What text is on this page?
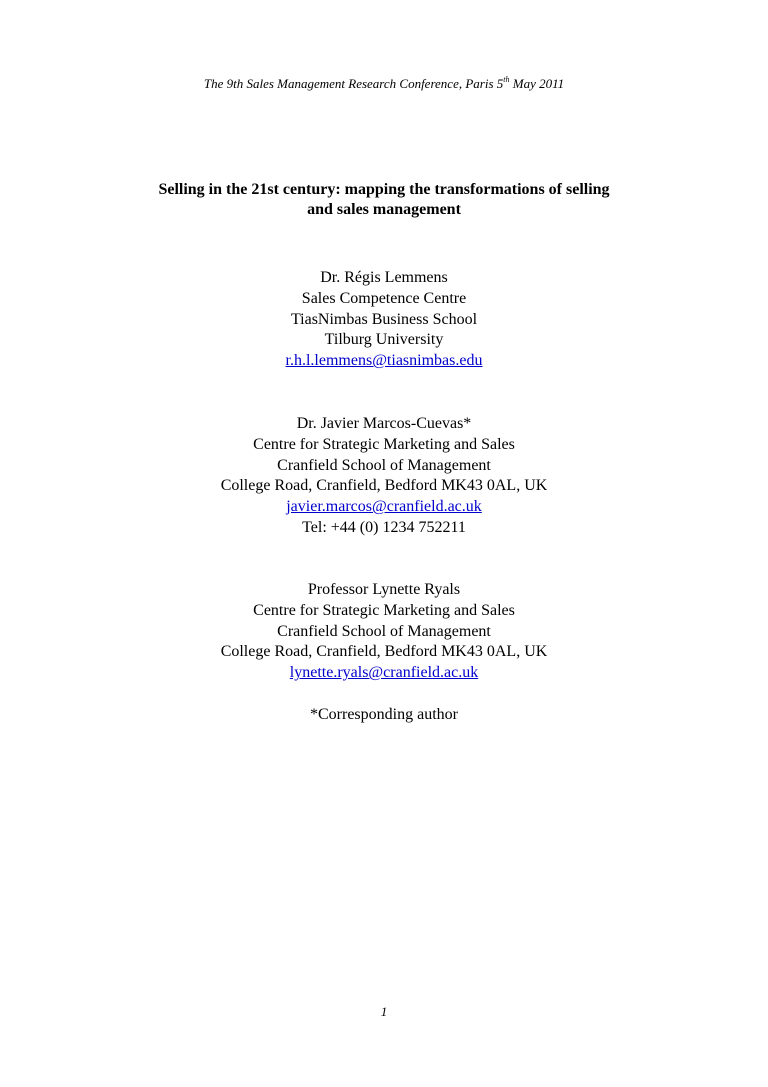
The 9th Sales Management Research Conference, Paris 5th May 2011
Selling in the 21st century: mapping the transformations of selling
and sales management
Dr. Régis Lemmens
Sales Competence Centre
TiasNimbas Business School
Tilburg University
r.h.l.lemmens@tiasnimbas.edu
Dr. Javier Marcos-Cuevas*
Centre for Strategic Marketing and Sales
Cranfield School of Management
College Road, Cranfield, Bedford MK43 0AL, UK
javier.marcos@cranfield.ac.uk
Tel: +44 (0) 1234 752211
Professor Lynette Ryals
Centre for Strategic Marketing and Sales
Cranfield School of Management
College Road, Cranfield, Bedford MK43 0AL, UK
lynette.ryals@cranfield.ac.uk
*Corresponding author
1
